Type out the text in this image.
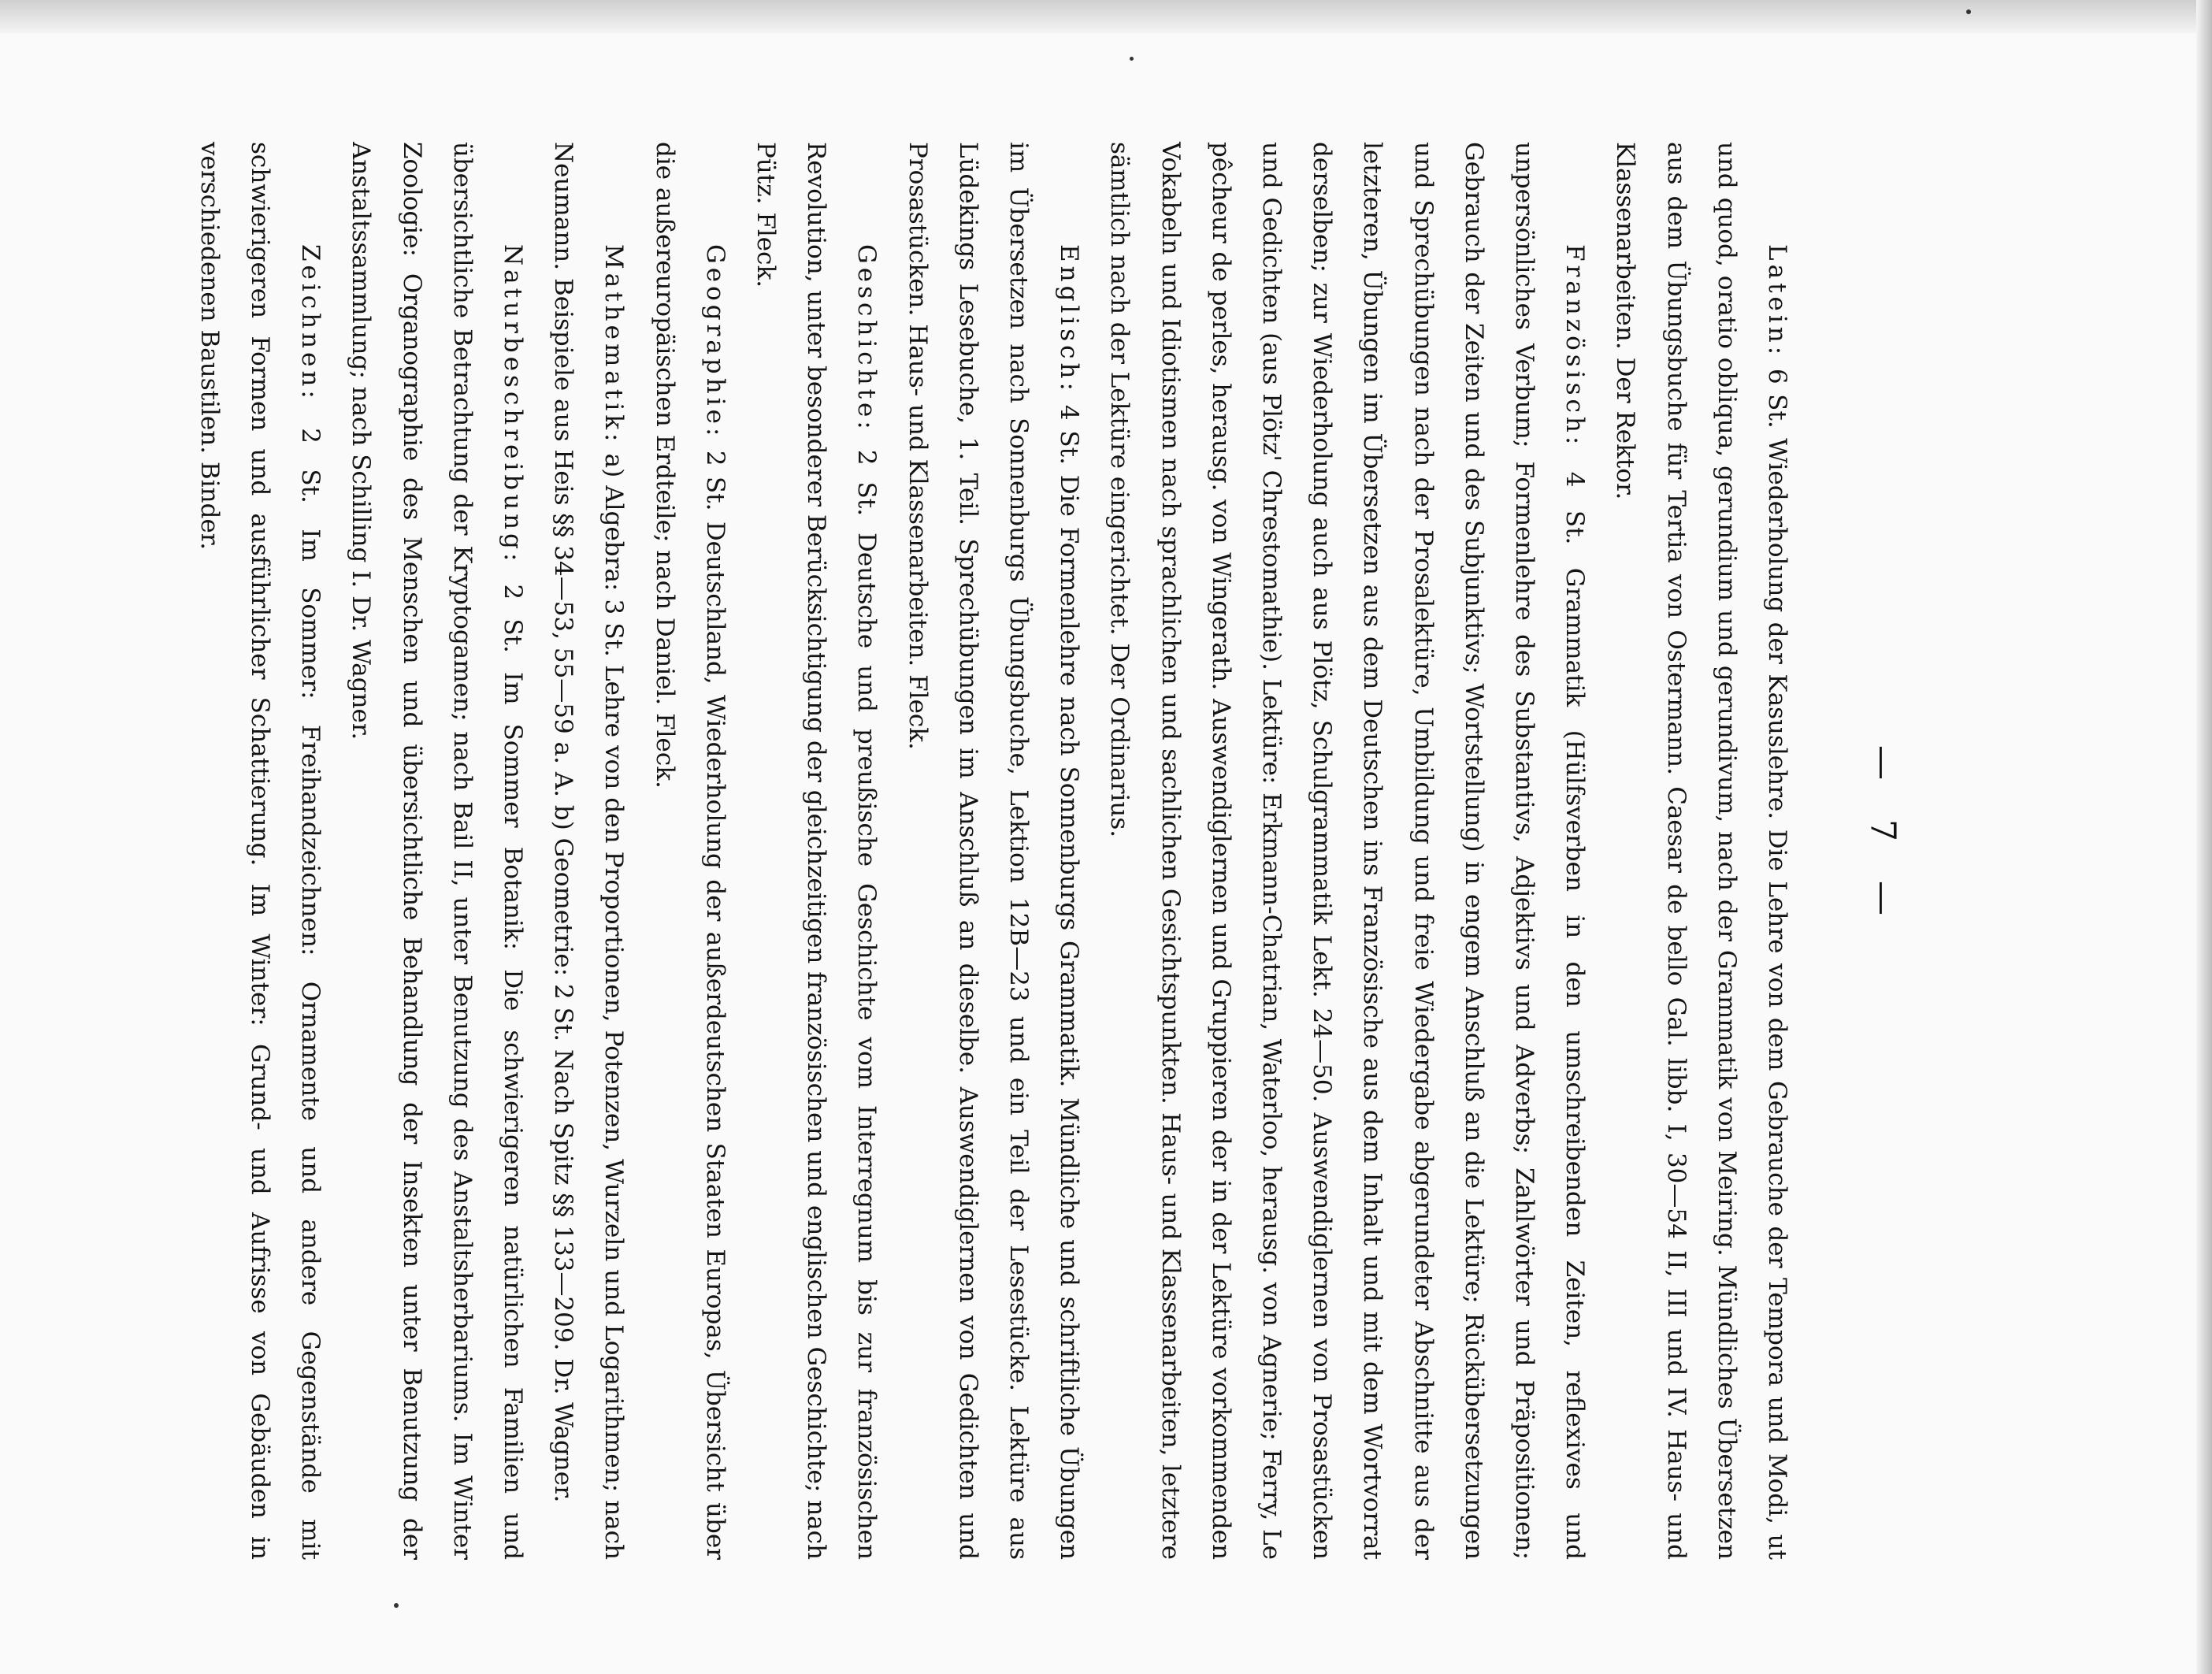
— 7 —

Latein: 6 St. Wiederholung der Kasuslehre. Die Lehre von dem Gebrauche der Tempora und Modi, ut und quod, oratio obliqua, gerundium und gerundivum, nach der Grammatik von Meiring. Mündliches Übersetzen aus dem Übungsbuche für Tertia von Ostermann. Caesar de bello Gal. libb. I, 30—54 II, III und IV. Haus- und Klassenarbeiten. Der Rektor.

Französisch: 4 St. Grammatik (Hülfsverben in den umschreibenden Zeiten, reflexives und unpersönliches Verbum; Formenlehre des Substantivs, Adjektivs und Adverbs; Zahlwörter und Präpositionen; Gebrauch der Zeiten und des Subjunktivs; Wortstellung) in engem Anschluß an die Lektüre; Rückübersetzungen und Sprechübungen nach der Prosalektüre, Umbildung und freie Wiedergabe abgerundeter Abschnitte aus der letzteren, Übungen im Übersetzen aus dem Deutschen ins Französische aus dem Inhalt und mit dem Wortvorrat derselben; zur Wiederholung auch aus Plötz, Schulgrammatik Lekt. 24—50. Auswendiglernen von Prosastücken und Gedichten (aus Plötz' Chrestomathie). Lektüre: Erkmann-Chatrian, Waterloo, herausg. von Agnerie; Ferry, Le pêcheur de perles, herausg. von Wingerath. Auswendiglernen und Gruppieren der in der Lektüre vorkommenden Vokabeln und Idiotismen nach sprachlichen und sachlichen Gesichtspunkten. Haus- und Klassenarbeiten, letztere sämtlich nach der Lektüre eingerichtet. Der Ordinarius.

Englisch: 4 St. Die Formenlehre nach Sonnenburgs Grammatik. Mündliche und schriftliche Übungen im Übersetzen nach Sonnenburgs Übungsbuche, Lektion 12B—23 und ein Teil der Lesestücke. Lektüre aus Lüdekings Lesebuche, 1. Teil. Sprechübungen im Anschluß an dieselbe. Auswendiglernen von Gedichten und Prosastücken. Haus- und Klassenarbeiten. Fleck.

Geschichte: 2 St. Deutsche und preußische Geschichte vom Interregnum bis zur französischen Revolution, unter besonderer Berücksichtigung der gleichzeitigen französischen und englischen Geschichte; nach Pütz. Fleck.

Geographie: 2 St. Deutschland, Wiederholung der außerdeutschen Staaten Europas, Übersicht über die außereuropäischen Erdteile; nach Daniel. Fleck.

Mathematik: a) Algebra: 3 St. Lehre von den Proportionen, Potenzen, Wurzeln und Logarithmen; nach Neumann. Beispiele aus Heis §§ 34—53, 55—59 a. A. b) Geometrie: 2 St. Nach Spitz §§ 133—209. Dr. Wagner.

Naturbeschreibung: 2 St. Im Sommer Botanik: Die schwierigeren natürlichen Familien und übersichtliche Betrachtung der Kryptogamen; nach Bail II, unter Benutzung des Anstaltsherbariums. Im Winter Zoologie: Organographie des Menschen und übersichtliche Behandlung der Insekten unter Benutzung der Anstaltssammlung; nach Schilling I. Dr. Wagner.

Zeichnen: 2 St. Im Sommer: Freihandzeichnen: Ornamente und andere Gegenstände mit schwierigeren Formen und ausführlicher Schattierung. Im Winter: Grund- und Aufrisse von Gebäuden in verschiedenen Baustilen. Binder.
